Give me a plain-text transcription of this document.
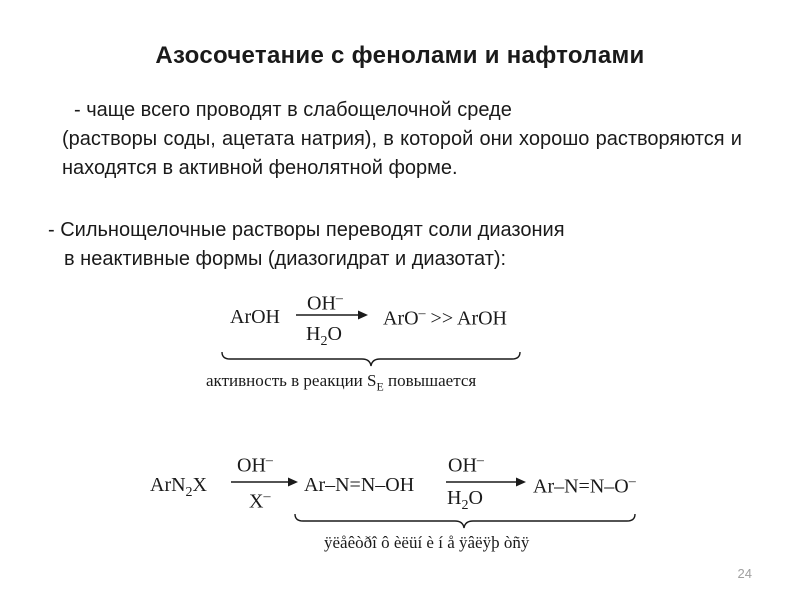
Азосочетание с фенолами и нафтолами

- чаще всего проводят в слабощелочной среде
(растворы соды, ацетата натрия), в которой они хорошо растворяются и находятся в активной фенолятной форме.

- Сильнощелочные растворы переводят соли диазония
в неактивные формы (диазогидрат и диазотат):

ArOH
OH–
$H_2O$
ArO– >> ArOH
активность в реакции $S_E$ повышается
ArN$_2$X
OH–
X–
Ar–N=N–OH
OH–
$H_2O$
Ar–N=N–O–
ÿëåêòðî ô èëüí è í å ÿâëÿþ òñÿ
24
